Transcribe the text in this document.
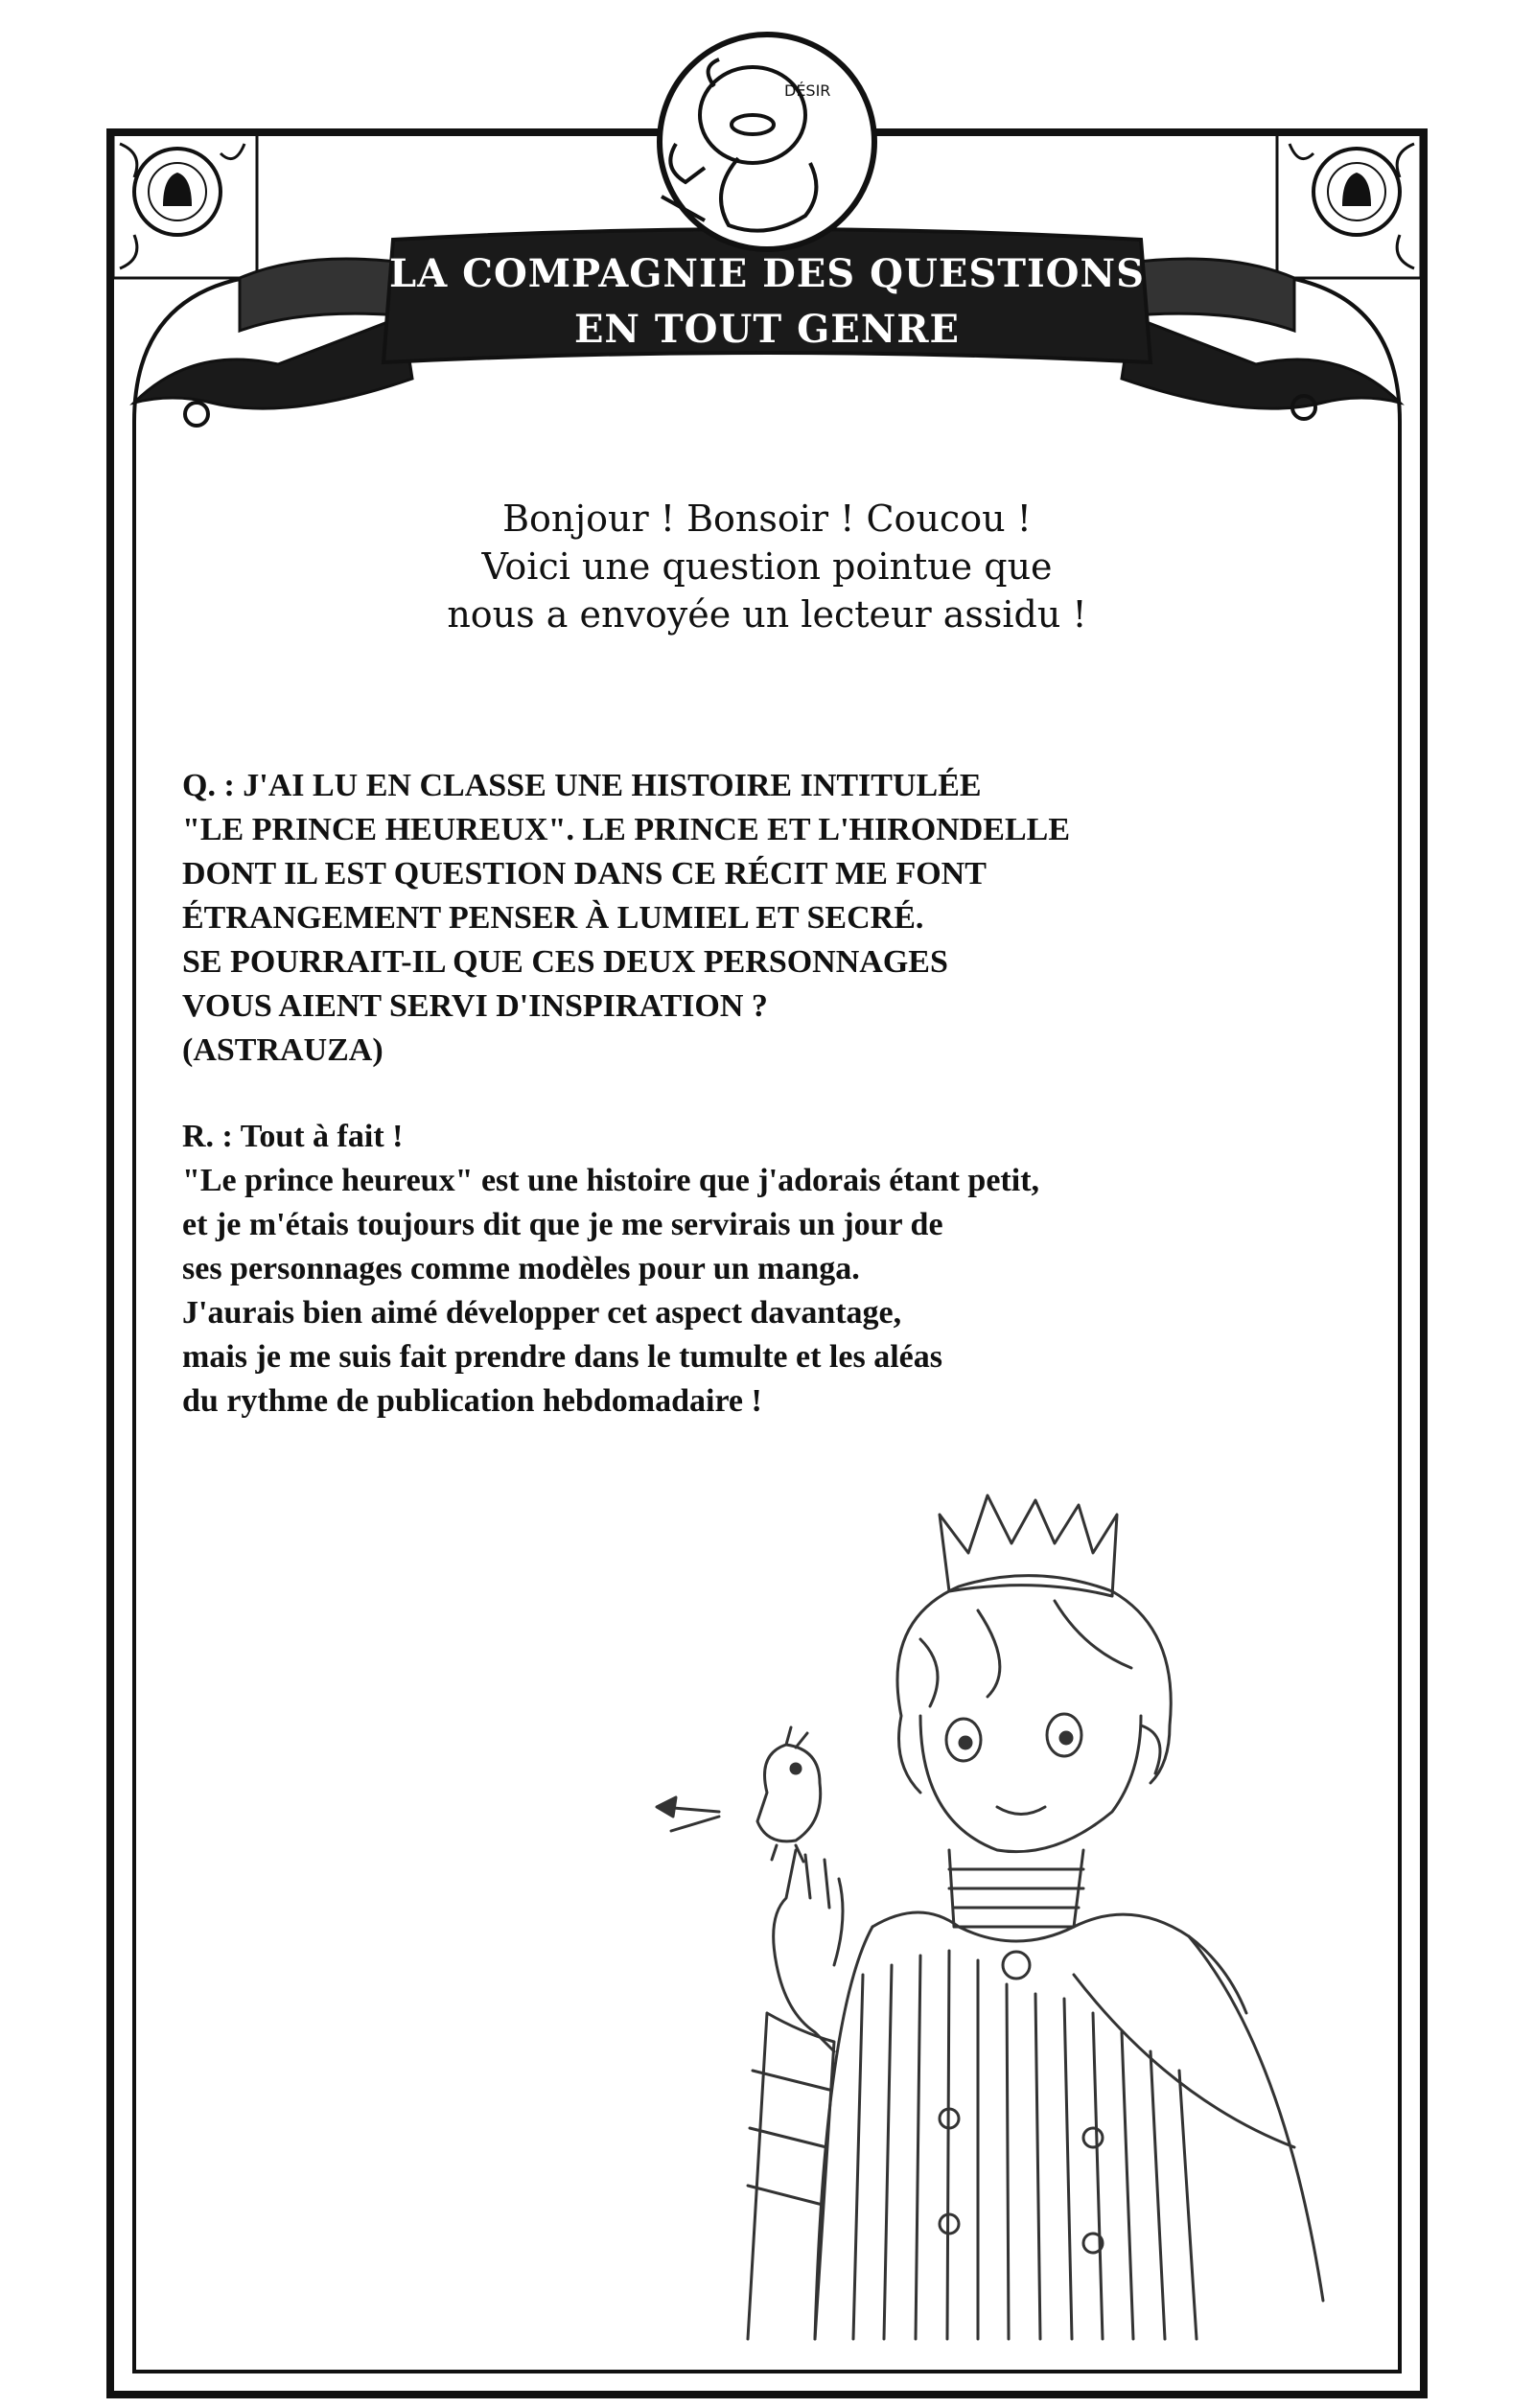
DÉSIR
LA COMPAGNIE DES QUESTIONS
EN TOUT GENRE
Bonjour ! Bonsoir ! Coucou !
Voici une question pointue que
nous a envoyée un lecteur assidu !
Q. : J'AI LU EN CLASSE UNE HISTOIRE INTITULÉE
"LE PRINCE HEUREUX". LE PRINCE ET L'HIRONDELLE
DONT IL EST QUESTION DANS CE RÉCIT ME FONT
ÉTRANGEMENT PENSER À LUMIEL ET SECRÉ.
SE POURRAIT-IL QUE CES DEUX PERSONNAGES
VOUS AIENT SERVI D'INSPIRATION ?
(ASTRAUZA)
R. : Tout à fait !
"Le prince heureux" est une histoire que j'adorais étant petit,
et je m'étais toujours dit que je me servirais un jour de
ses personnages comme modèles pour un manga.
J'aurais bien aimé développer cet aspect davantage,
mais je me suis fait prendre dans le tumulte et les aléas
du rythme de publication hebdomadaire !
